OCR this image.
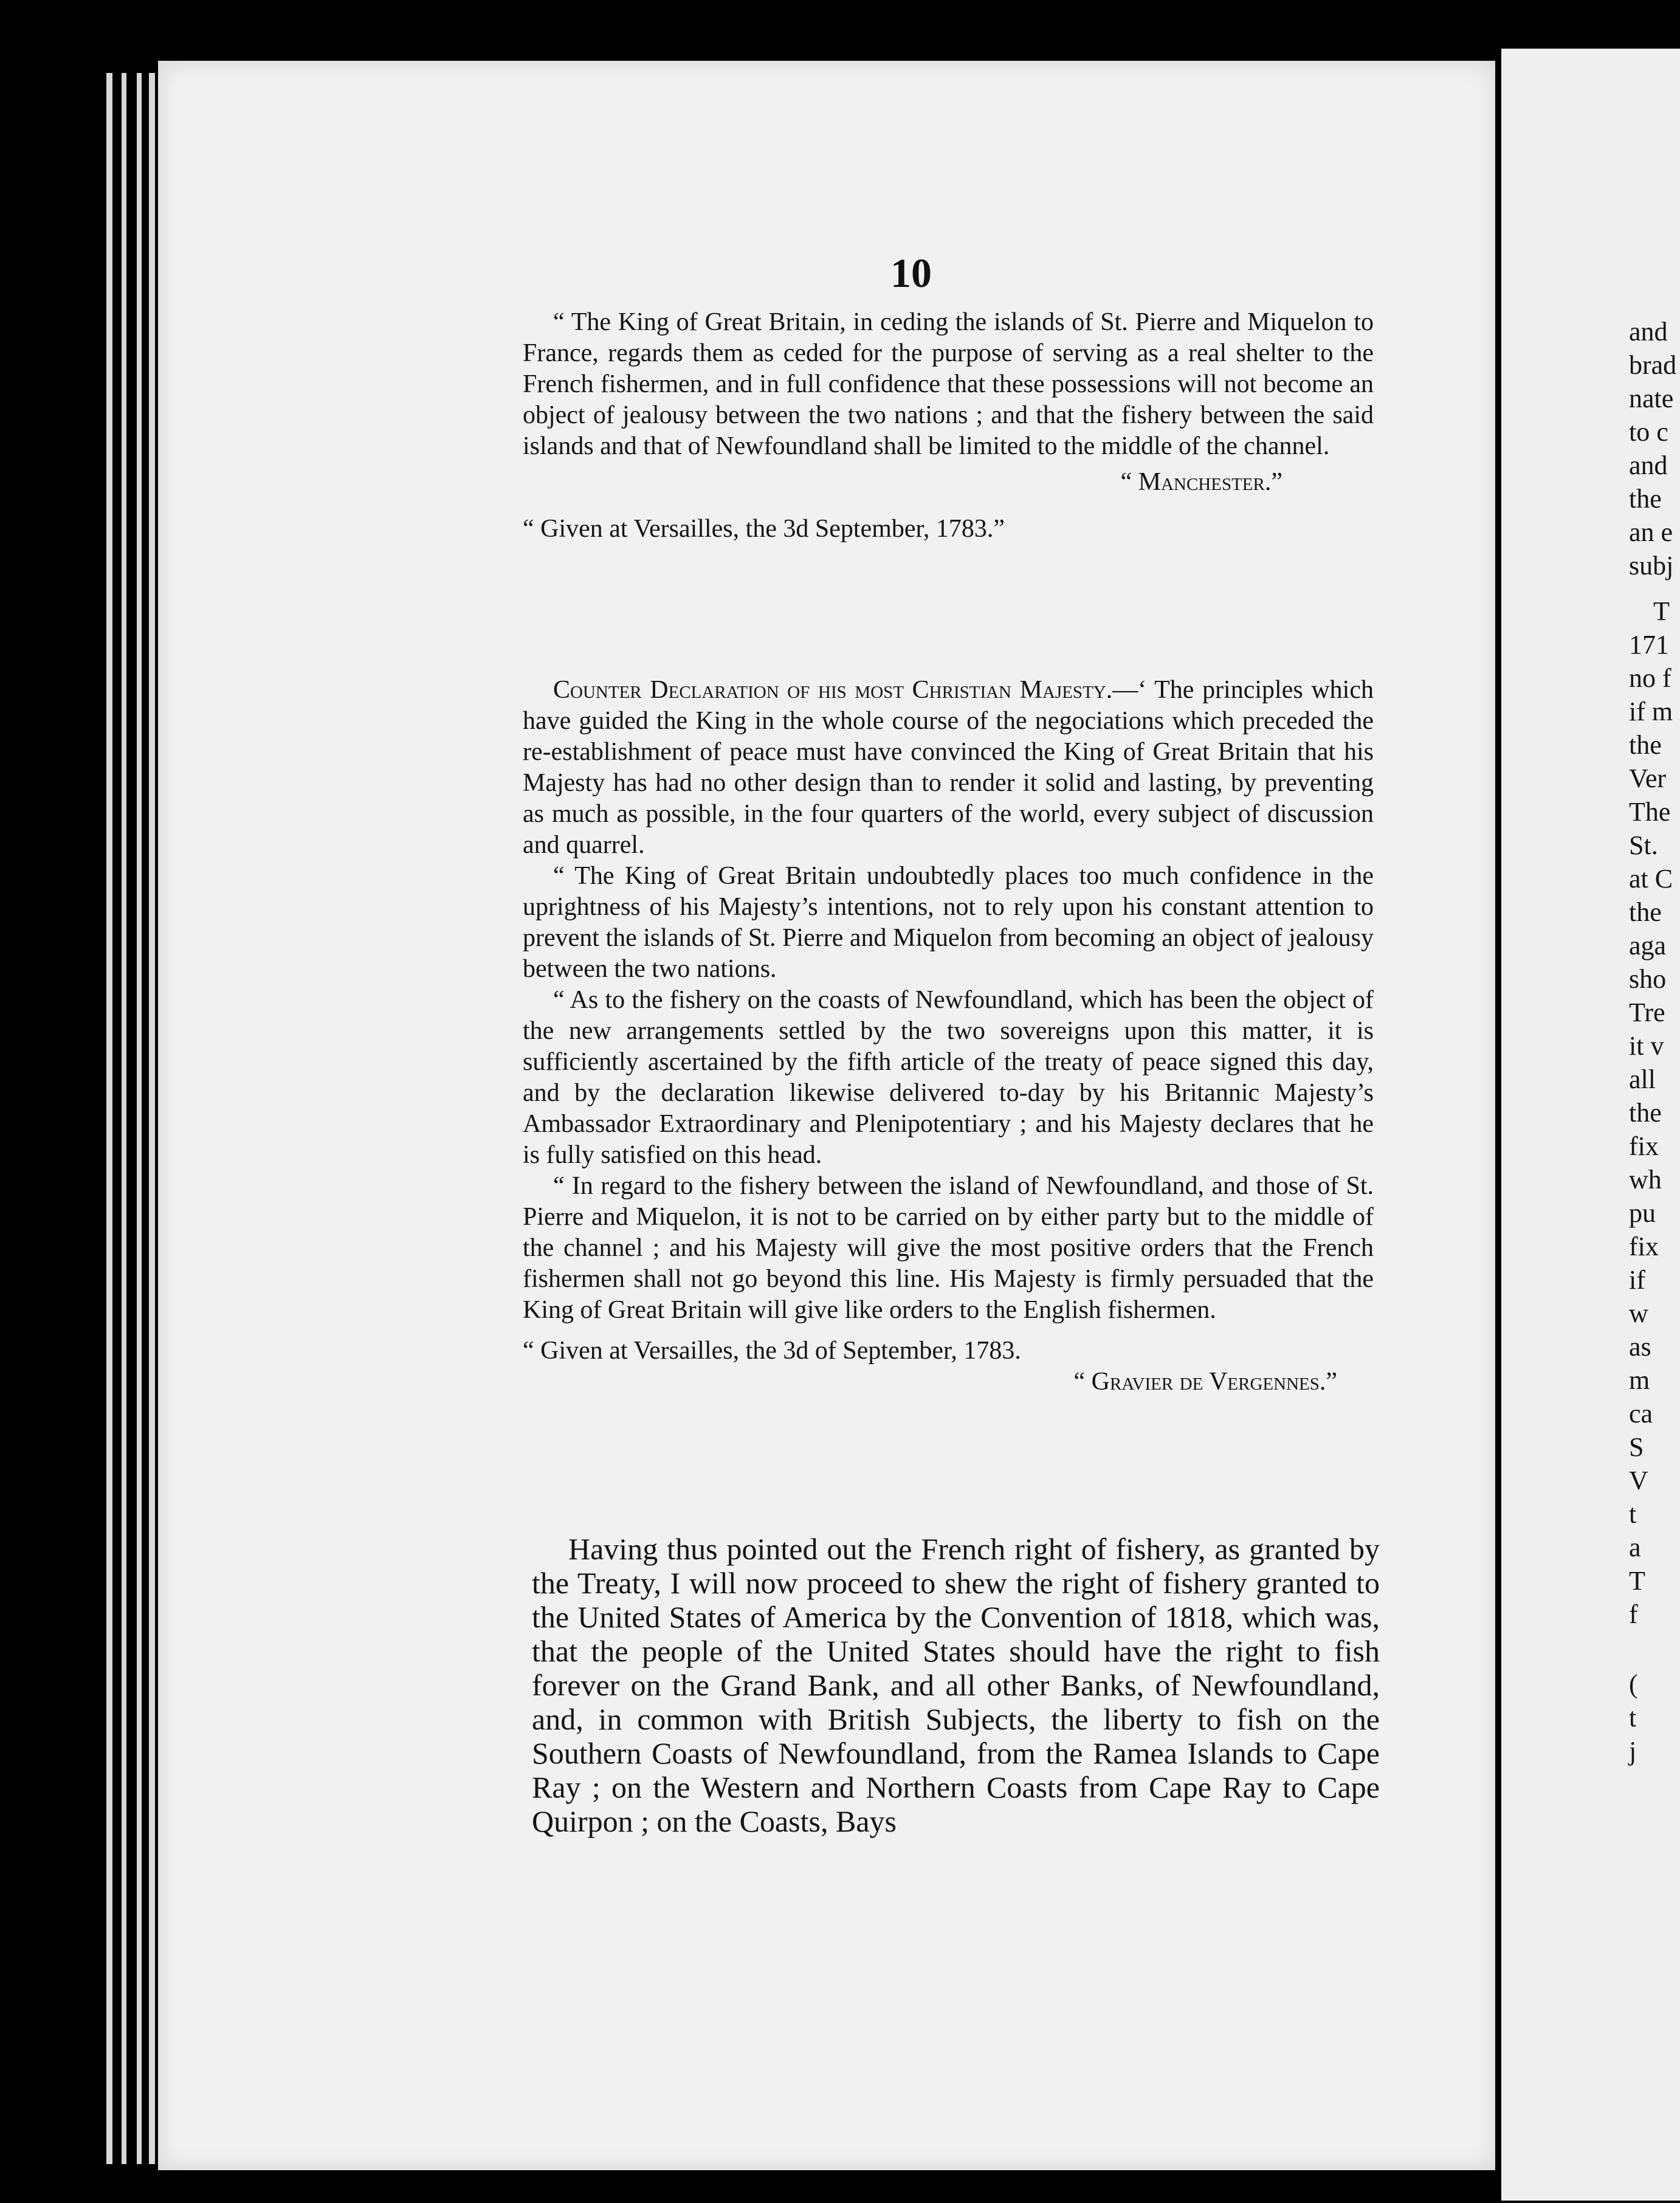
10

“ The King of Great Britain, in ceding the islands of St. Pierre and Miquelon to France, regards them as ceded for the purpose of serving as a real shelter to the French fishermen, and in full confidence that these possessions will not become an object of jealousy between the two nations ; and that the fishery between the said islands and that of Newfoundland shall be limited to the middle of the channel.

“ Manchester.”

“ Given at Versailles, the 3d September, 1783.”

Counter Declaration of his most Christian Majesty.—‘ The principles which have guided the King in the whole course of the negociations which preceded the re-establishment of peace must have convinced the King of Great Britain that his Majesty has had no other design than to render it solid and lasting, by preventing as much as possible, in the four quarters of the world, every subject of discussion and quarrel.

“ The King of Great Britain undoubtedly places too much confidence in the uprightness of his Majesty’s intentions, not to rely upon his constant attention to prevent the islands of St. Pierre and Miquelon from becoming an object of jealousy between the two nations.

“ As to the fishery on the coasts of Newfoundland, which has been the object of the new arrangements settled by the two sovereigns upon this matter, it is sufficiently ascertained by the fifth article of the treaty of peace signed this day, and by the declaration likewise delivered to-day by his Britannic Majesty’s Ambassador Extraordinary and Plenipotentiary ; and his Majesty declares that he is fully satisfied on this head.

“ In regard to the fishery between the island of Newfoundland, and those of St. Pierre and Miquelon, it is not to be carried on by either party but to the middle of the channel ; and his Majesty will give the most positive orders that the French fishermen shall not go beyond this line. His Majesty is firmly persuaded that the King of Great Britain will give like orders to the English fishermen.

“ Given at Versailles, the 3d of September, 1783.

“ Gravier de Vergennes.”

Having thus pointed out the French right of fishery, as granted by the Treaty, I will now proceed to shew the right of fishery granted to the United States of America by the Convention of 1818, which was, that the people of the United States should have the right to fish forever on the Grand Bank, and all other Banks, of Newfoundland, and, in common with British Subjects, the liberty to fish on the Southern Coasts of Newfoundland, from the Ramea Islands to Cape Ray ; on the Western and Northern Coasts from Cape Ray to Cape Quirpon ; on the Coasts, Bays

and
brad
nate
to c
and
the
an e
subj
T
171
no f
if m
the
Ver
The
St.
at C
the
aga
sho
Tre
it v
all
the
fix
wh
pu
fix
if
w
as
m
ca
S
V
t
a
T
f
(
t
j
